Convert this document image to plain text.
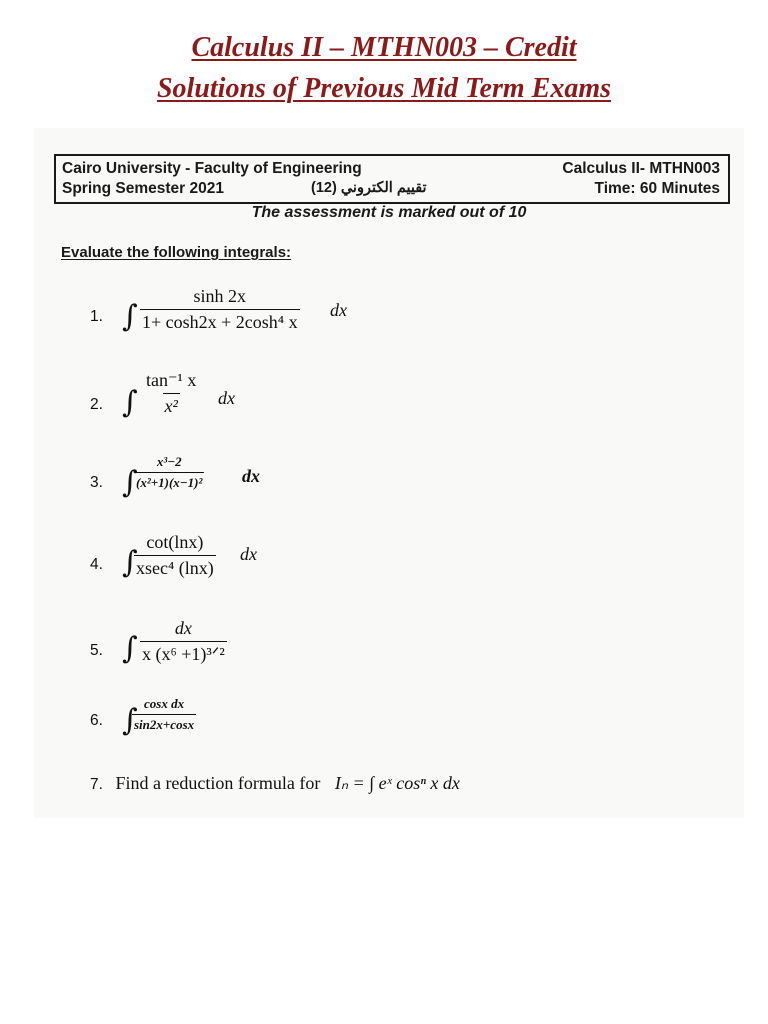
Calculus II – MTHN003 – Credit
Solutions of Previous Mid Term Exams
Cairo University - Faculty of Engineering
Spring Semester 2021	تقييم الكتروني (12)
Calculus II- MTHN003
Time: 60 Minutes
The assessment is marked out of 10
Evaluate the following integrals:
1. ∫ $\frac{\sinh 2x}{\text{1+ cosh2x + 2cosh⁴ x}}$ dx
2. ∫ $\frac{\text{tan⁻¹ x}}{\text{x²}}$ dx
3. ∫
$\frac{\text{x³−2}}{\text{(x²+1)(x−1)²}}$ dx
4. ∫
cot(lnx)
xsec⁴ (lnx)
dx
5. ∫
dx
x (x⁶ +1)³ᐟ²
6. ∫
$\frac{\text{cosx dx}}{\sin 2x+\cos x}$
7. Find a reduction formula for Iₙ = ∫ eˣ cosⁿ x dx
